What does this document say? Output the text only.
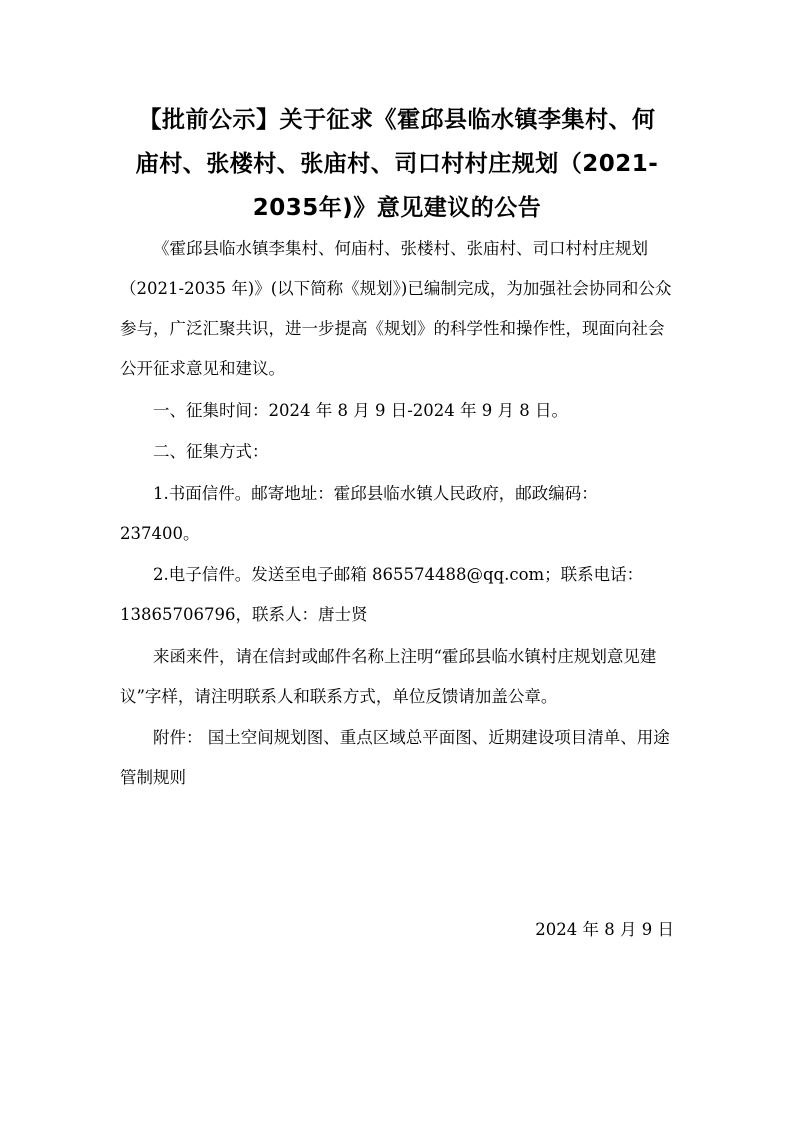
【批前公示】关于征求《霍邱县临水镇李集村、何
庙村、张楼村、张庙村、司口村村庄规划（2021-
2035年)》意见建议的公告

《霍邱县临水镇李集村、何庙村、张楼村、张庙村、司口村村庄规划（2021-2035 年)》(以下简称《规划》)已编制完成，为加强社会协同和公众参与，广泛汇聚共识，进一步提高《规划》的科学性和操作性，现面向社会公开征求意见和建议。

一、征集时间：2024 年 8 月 9 日-2024 年 9 月 8 日。

二、征集方式：

1.书面信件。邮寄地址：霍邱县临水镇人民政府，邮政编码：237400。

2.电子信件。发送至电子邮箱 865574488@qq.com；联系电话：13865706796，联系人：唐士贤

来函来件，请在信封或邮件名称上注明“霍邱县临水镇村庄规划意见建议”字样，请注明联系人和联系方式，单位反馈请加盖公章。

附件： 国土空间规划图、重点区域总平面图、近期建设项目清单、用途管制规则

2024 年 8 月 9 日
